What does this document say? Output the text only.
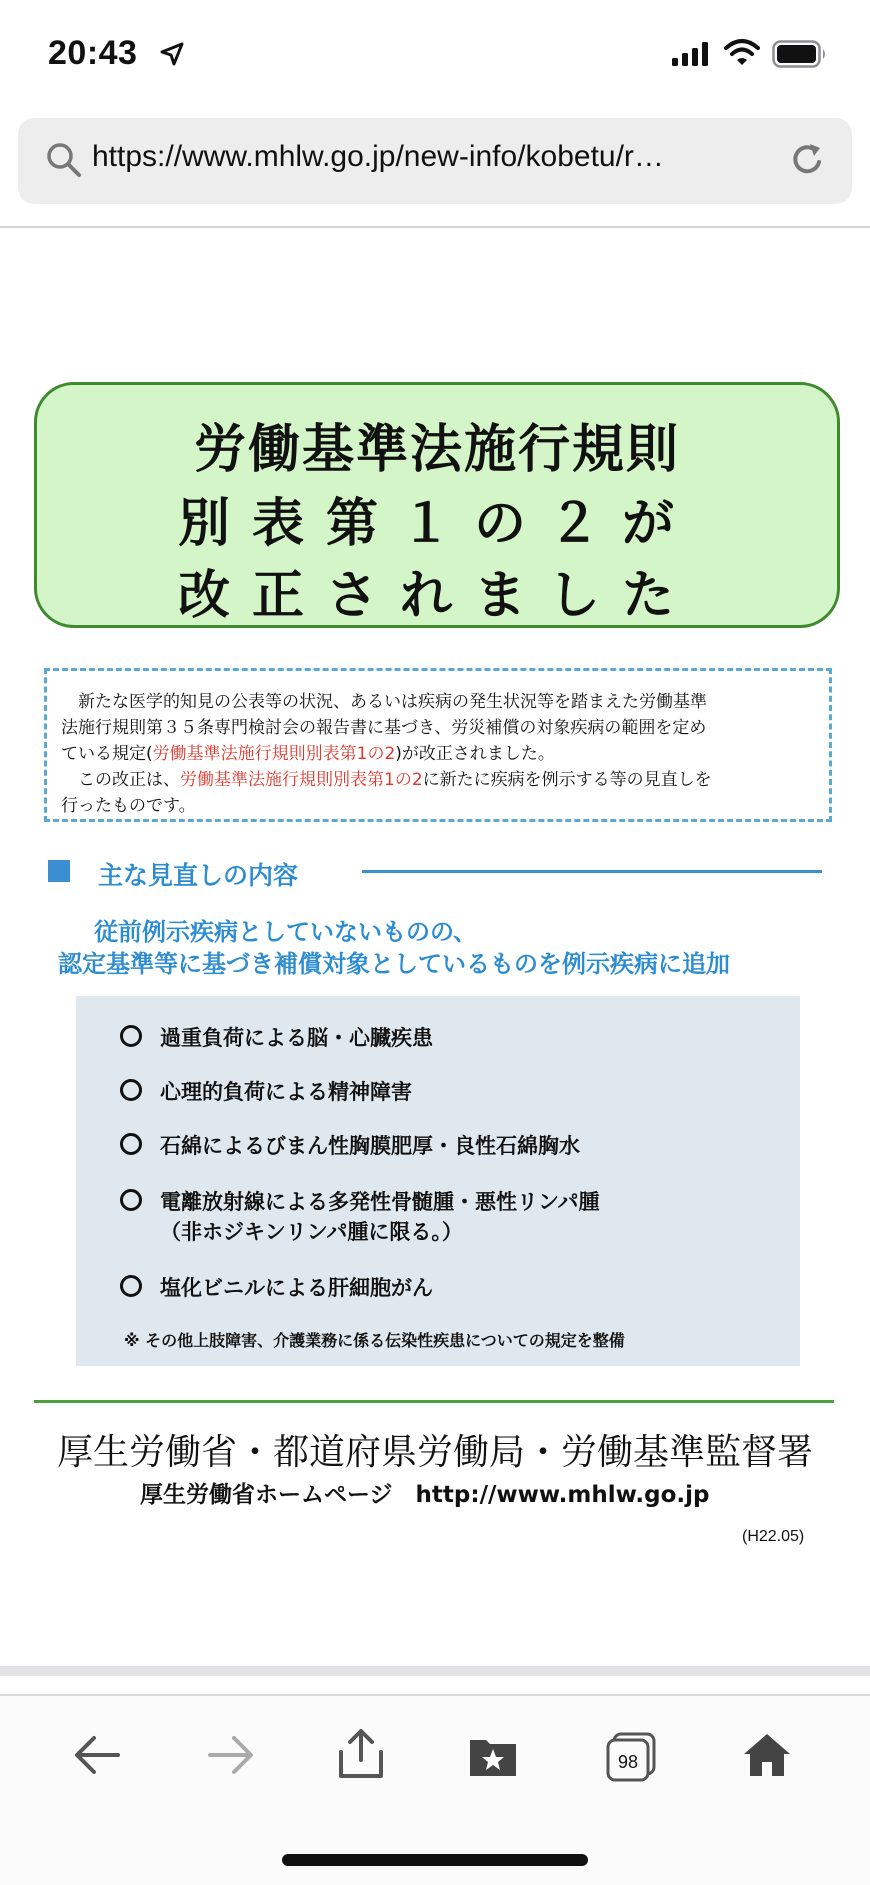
20:43
https://www.mhlw.go.jp/new-info/kobetu/r…
労働基準法施行規則
別表第１の２が
改正されました

　新たな医学的知見の公表等の状況、あるいは疾病の発生状況等を踏まえた労働基準

法施行規則第３５条専門検討会の報告書に基づき、労災補償の対象疾病の範囲を定め

ている規定(労働基準法施行規則別表第1の2)が改正されました。

　この改正は、労働基準法施行規則別表第1の2に新たに疾病を例示する等の見直しを

行ったものです。

主な見直しの内容
従前例示疾病としていないものの、
認定基準等に基づき補償対象としているものを例示疾病に追加
過重負荷による脳・心臓疾患
心理的負荷による精神障害
石綿によるびまん性胸膜肥厚・良性石綿胸水
電離放射線による多発性骨髄腫・悪性リンパ腫
（非ホジキンリンパ腫に限る。）
塩化ビニルによる肝細胞がん
※ その他上肢障害、介護業務に係る伝染性疾患についての規定を整備
厚生労働省・都道府県労働局・労働基準監督署
厚生労働省ホームページ　http://www.mhlw.go.jp
(H22.05)
98
